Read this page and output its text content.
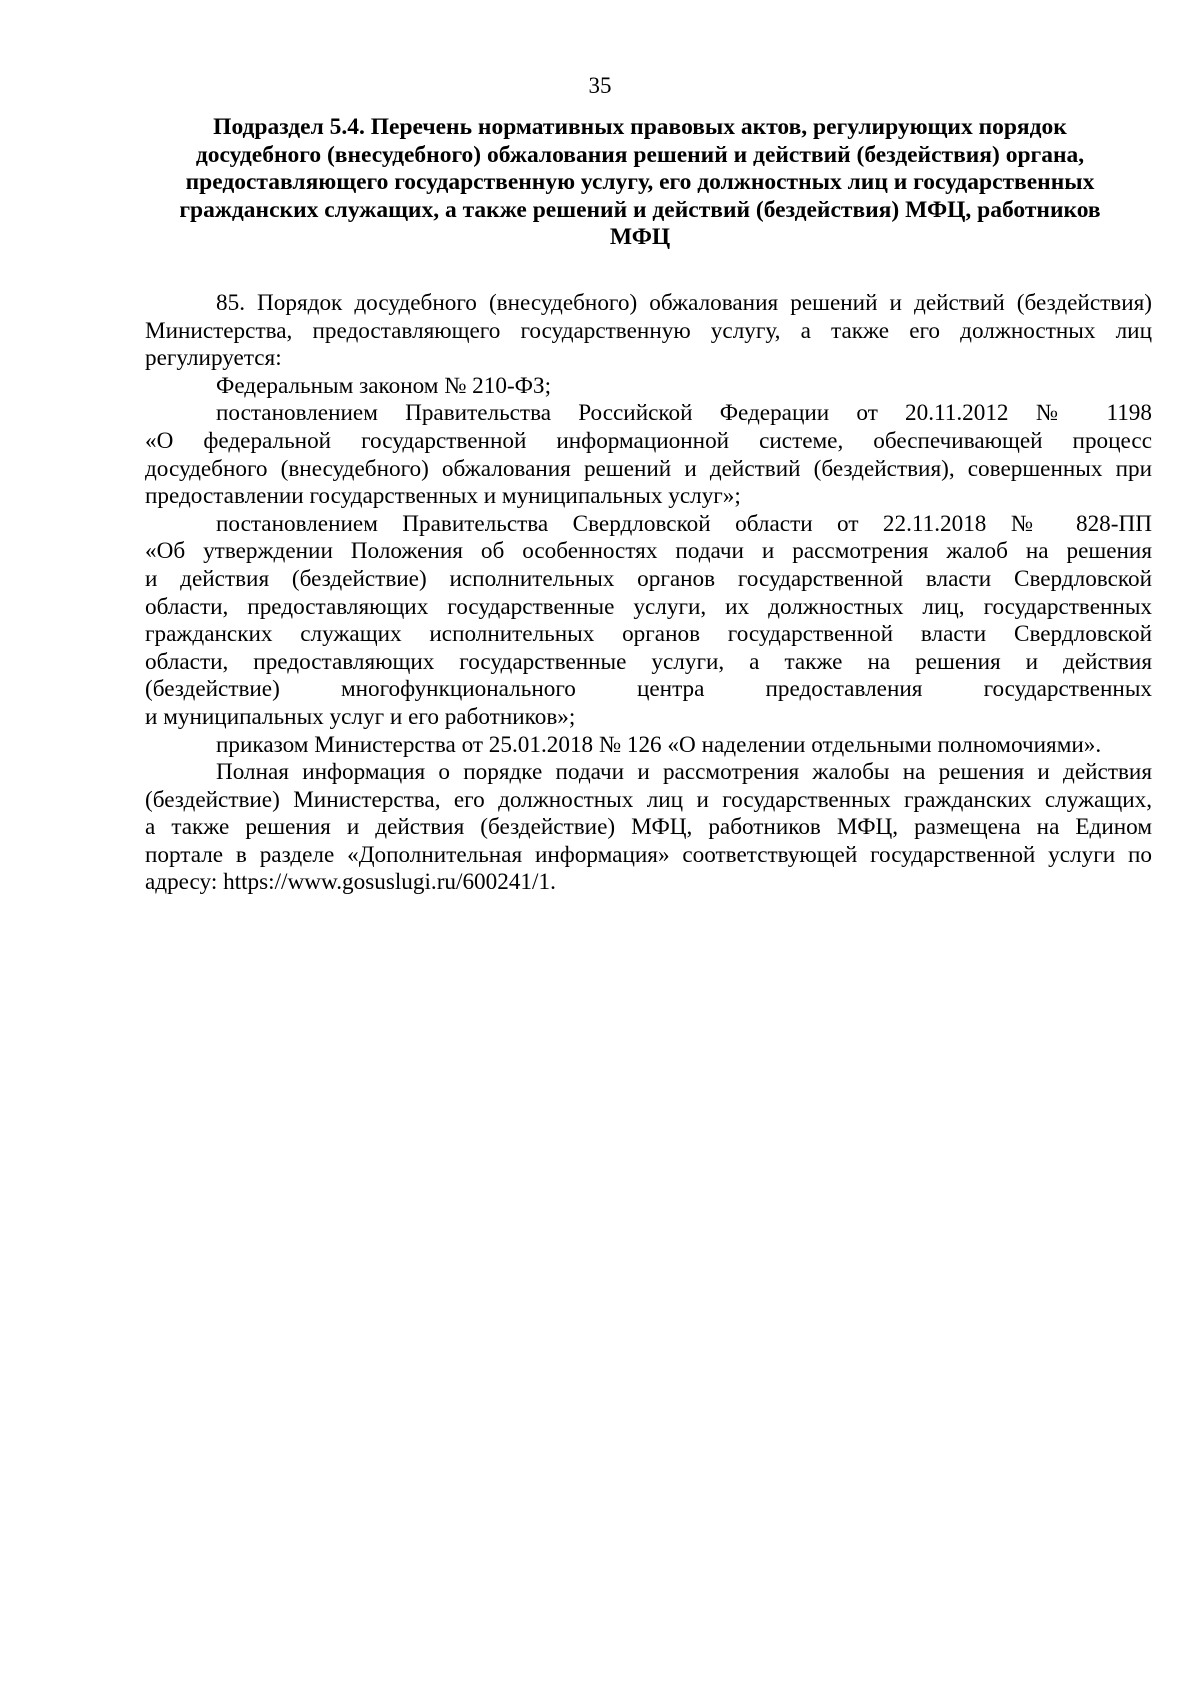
35
Подраздел 5.4. Перечень нормативных правовых актов, регулирующих порядок
досудебного (внесудебного) обжалования решений и действий (бездействия) органа,
предоставляющего государственную услугу, его должностных лиц и государственных
гражданских служащих, а также решений и действий (бездействия) МФЦ, работников
МФЦ

85. Порядок досудебного (внесудебного) обжалования решений и действий (бездействия)
Министерства, предоставляющего государственную услугу, а также его должностных лиц
регулируется:

Федеральным законом № 210-ФЗ;

постановлением Правительства Российской Федерации от 20.11.2012 № 1198
«О федеральной государственной информационной системе, обеспечивающей процесс
досудебного (внесудебного) обжалования решений и действий (бездействия), совершенных при
предоставлении государственных и муниципальных услуг»;

постановлением Правительства Свердловской области от 22.11.2018 № 828-ПП
«Об утверждении Положения об особенностях подачи и рассмотрения жалоб на решения
и действия (бездействие) исполнительных органов государственной власти Свердловской
области, предоставляющих государственные услуги, их должностных лиц, государственных
гражданских служащих исполнительных органов государственной власти Свердловской
области, предоставляющих государственные услуги, а также на решения и действия
(бездействие) многофункционального центра предоставления государственных
и муниципальных услуг и его работников»;

приказом Министерства от 25.01.2018 № 126 «О наделении отдельными полномочиями».

Полная информация о порядке подачи и рассмотрения жалобы на решения и действия
(бездействие) Министерства, его должностных лиц и государственных гражданских служащих,
а также решения и действия (бездействие) МФЦ, работников МФЦ, размещена на Едином
портале в разделе «Дополнительная информация» соответствующей государственной услуги по
адресу: https://www.gosuslugi.ru/600241/1.
